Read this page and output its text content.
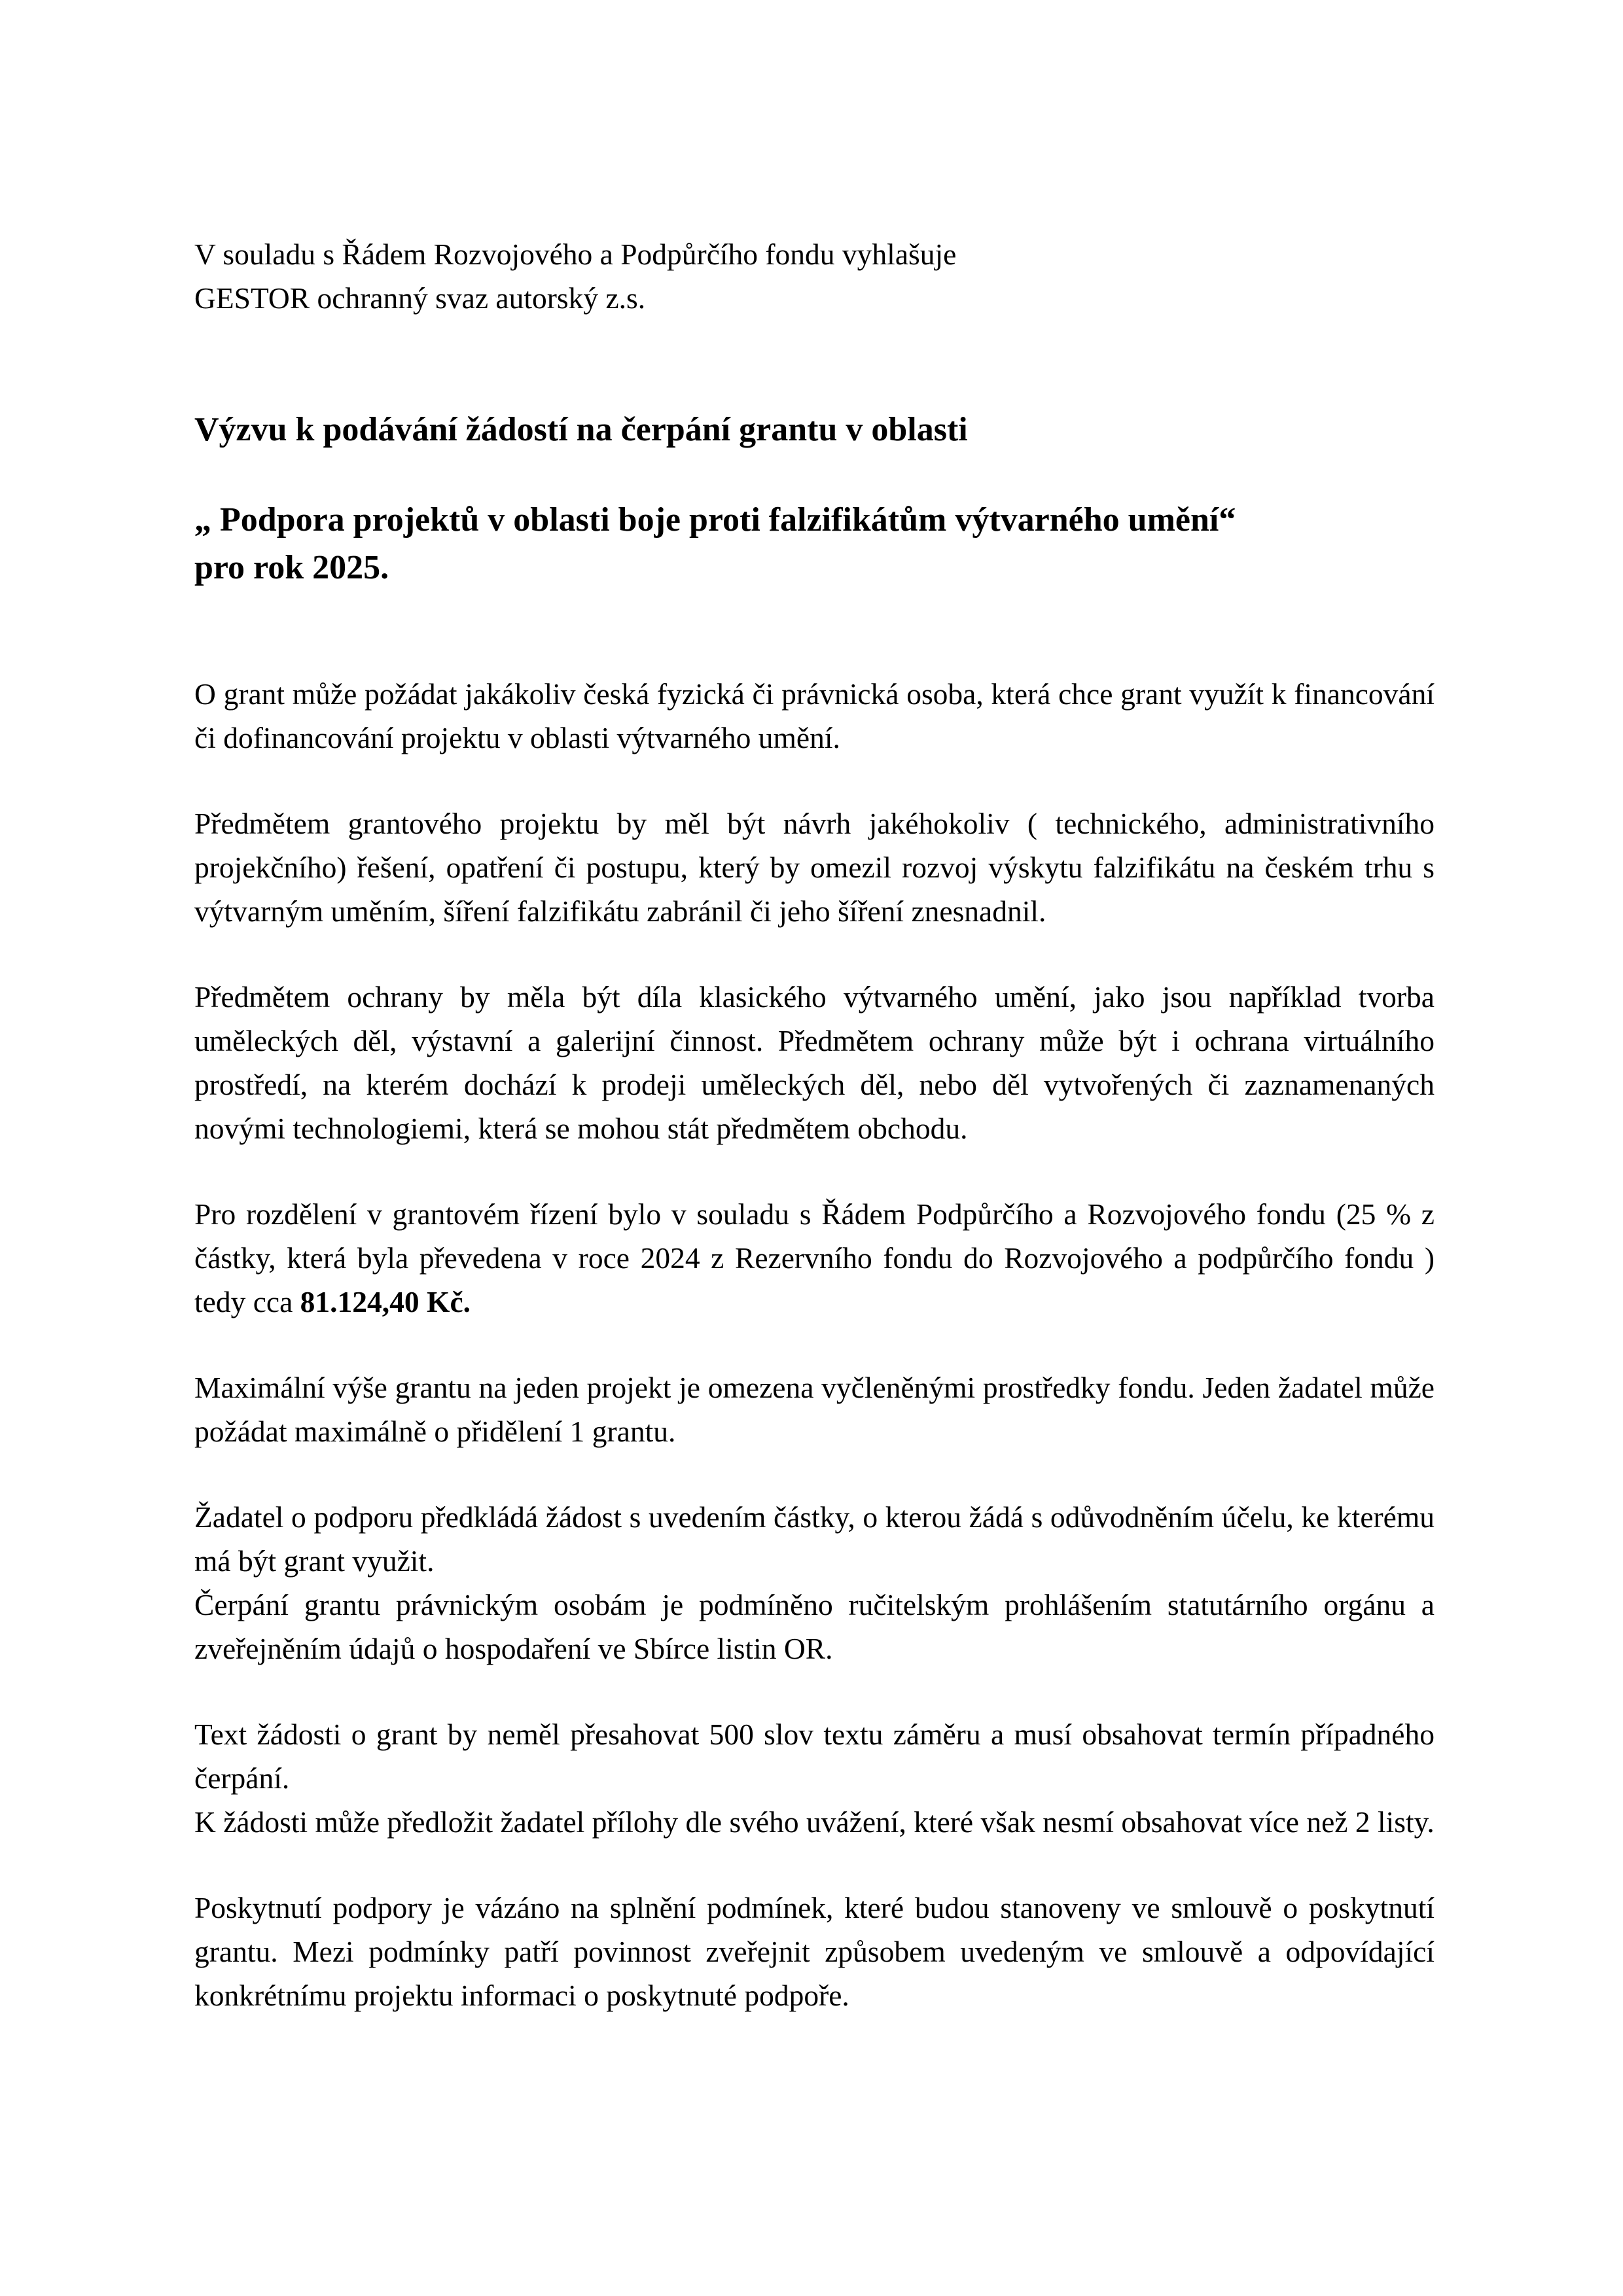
V souladu s Řádem Rozvojového a Podpůrčího fondu vyhlašuje

GESTOR ochranný svaz autorský z.s.

Výzvu k podávání žádostí na čerpání grantu v oblasti
„ Podpora projektů v oblasti boje proti falzifikátům výtvarného umění“
pro rok 2025.

O grant může požádat jakákoliv česká fyzická či právnická osoba, která chce grant využít k financování či dofinancování projektu v oblasti výtvarného umění.

Předmětem grantového projektu by měl být návrh jakéhokoliv ( technického, administrativního projekčního) řešení, opatření či postupu, který by omezil rozvoj výskytu falzifikátu na českém trhu s výtvarným uměním, šíření falzifikátu zabránil či jeho šíření znesnadnil.

Předmětem ochrany by měla být díla klasického výtvarného umění, jako jsou například tvorba uměleckých děl, výstavní a galerijní činnost. Předmětem ochrany může být i ochrana virtuálního prostředí, na kterém dochází k prodeji uměleckých děl, nebo děl vytvořených či zaznamenaných novými technologiemi, která se mohou stát předmětem obchodu.

Pro rozdělení v grantovém řízení bylo v souladu s Řádem Podpůrčího a Rozvojového fondu (25 % z částky, která byla převedena v roce 2024 z Rezervního fondu do Rozvojového a podpůrčího fondu ) tedy cca 81.124,40 Kč.

Maximální výše grantu na jeden projekt je omezena vyčleněnými prostředky fondu. Jeden žadatel může požádat maximálně o přidělení 1 grantu.

Žadatel o podporu předkládá žádost s uvedením částky, o kterou žádá s odůvodněním účelu, ke kterému má být grant využit.
Čerpání grantu právnickým osobám je podmíněno ručitelským prohlášením statutárního orgánu a zveřejněním údajů o hospodaření ve Sbírce listin OR.
Text žádosti o grant by neměl přesahovat 500 slov textu záměru a musí obsahovat termín případného čerpání.
K žádosti může předložit žadatel přílohy dle svého uvážení, které však nesmí obsahovat více než 2 listy.

Poskytnutí podpory je vázáno na splnění podmínek, které budou stanoveny ve smlouvě o poskytnutí grantu. Mezi podmínky patří povinnost zveřejnit způsobem uvedeným ve smlouvě a odpovídající konkrétnímu projektu informaci o poskytnuté podpoře.
